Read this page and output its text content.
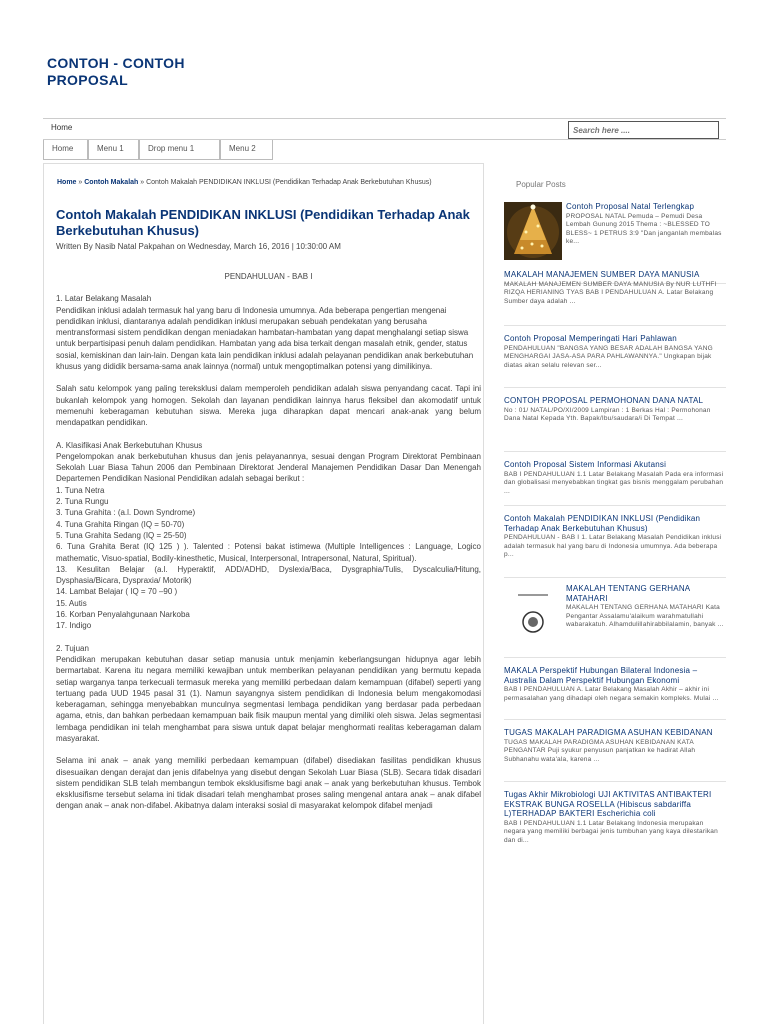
CONTOH - CONTOH PROPOSAL
Home
Search here ....
Home	Menu 1	Drop menu 1	Menu 2
Home » Contoh Makalah » Contoh Makalah PENDIDIKAN INKLUSI (Pendidikan Terhadap Anak Berkebutuhan Khusus)
Contoh Makalah PENDIDIKAN INKLUSI (Pendidikan Terhadap Anak Berkebutuhan Khusus)
Written By Nasib Natal Pakpahan on Wednesday, March 16, 2016 | 10:30:00 AM

PENDAHULUAN - BAB I

1. Latar Belakang Masalah

Pendidikan inklusi adalah termasuk hal yang baru di Indonesia umumnya. Ada beberapa pengertian mengenai pendidikan inklusi, diantaranya adalah pendidikan inklusi merupakan sebuah pendekatan yang berusaha mentransformasi sistem pendidikan dengan meniadakan hambatan-hambatan yang dapat menghalangi setiap siswa untuk berpartisipasi penuh dalam pendidikan. Hambatan yang ada bisa terkait dengan masalah etnik, gender, status sosial, kemiskinan dan lain-lain. Dengan kata lain pendidikan inklusi adalah pelayanan pendidikan anak berkebutuhan khusus yang dididik bersama-sama anak lainnya (normal) untuk mengoptimalkan potensi yang dimilikinya.

Salah satu kelompok yang paling tereksklusi dalam memperoleh pendidikan adalah siswa penyandang cacat. Tapi ini bukanlah kelompok yang homogen. Sekolah dan layanan pendidikan lainnya harus fleksibel dan akomodatif untuk memenuhi keberagaman kebutuhan siswa. Mereka juga diharapkan dapat mencari anak-anak yang belum mendapatkan pendidikan.

A. Klasifikasi Anak Berkebutuhan Khusus

Pengelompokan anak berkebutuhan khusus dan jenis pelayanannya, sesuai dengan Program Direktorat Pembinaan Sekolah Luar Biasa Tahun 2006 dan Pembinaan Direktorat Jenderal Manajemen Pendidikan Dasar Dan Menengah Departemen Pendidikan Nasional Pendidikan adalah sebagai berikut :

1. Tuna Netra

2. Tuna Rungu

3. Tuna Grahita : (a.l. Down Syndrome)

4. Tuna Grahita Ringan (IQ = 50-70)

5. Tuna Grahita Sedang (IQ = 25-50)

6. Tuna Grahita Berat (IQ 125 ) ). Talented : Potensi bakat istimewa (Multiple Intelligences : Language, Logico mathematic, Visuo-spatial, Bodily-kinesthetic, Musical, Interpersonal, Intrapersonal, Natural, Spiritual).

13. Kesulitan Belajar (a.l. Hyperaktif, ADD/ADHD, Dyslexia/Baca, Dysgraphia/Tulis, Dyscalculia/Hitung, Dysphasia/Bicara, Dyspraxia/ Motorik)

14. Lambat Belajar ( IQ = 70 –90 )

15. Autis

16. Korban Penyalahgunaan Narkoba

17. Indigo

2. Tujuan

Pendidikan merupakan kebutuhan dasar setiap manusia untuk menjamin keberlangsungan hidupnya agar lebih bermartabat. Karena itu negara memiliki kewajiban untuk memberikan pelayanan pendidikan yang bermutu kepada setiap warganya tanpa terkecuali termasuk mereka yang memiliki perbedaan dalam kemampuan (difabel) seperti yang tertuang pada UUD 1945 pasal 31 (1). Namun sayangnya sistem pendidikan di Indonesia belum mengakomodasi keberagaman, sehingga menyebabkan munculnya segmentasi lembaga pendidikan yang berdasar pada perbedaan agama, etnis, dan bahkan perbedaan kemampuan baik fisik maupun mental yang dimiliki oleh siswa. Jelas segmentasi lembaga pendidikan ini telah menghambat para siswa untuk dapat belajar menghormati realitas keberagaman dalam masyarakat.

Selama ini anak – anak yang memiliki perbedaan kemampuan (difabel) disediakan fasilitas pendidikan khusus disesuaikan dengan derajat dan jenis difabelnya yang disebut dengan Sekolah Luar Biasa (SLB). Secara tidak disadari sistem pendidikan SLB telah membangun tembok eksklusifisme bagi anak – anak yang berkebutuhan khusus. Tembok eksklusifisme tersebut selama ini tidak disadari telah menghambat proses saling mengenal antara anak – anak difabel dengan anak – anak non-difabel. Akibatnya dalam interaksi sosial di masyarakat kelompok difabel menjadi

Popular Posts
Contoh Proposal Natal Terlengkap
PROPOSAL NATAL Pemuda – Pemudi Desa Lembah Gunung 2015 Thema : ~BLESSED TO BLESS~ 1 PETRUS 3:9 "Dan janganlah membalas ke...
MAKALAH MANAJEMEN SUMBER DAYA MANUSIA
MAKALAH MANAJEMEN SUMBER DAYA MANUSIA By NUR LUTHFI RIZQA HERIANING TYAS BAB I PENDAHULUAN A. Latar Belakang Sumber daya adalah ...
Contoh Proposal Memperingati Hari Pahlawan
PENDAHULUAN "BANGSA YANG BESAR ADALAH BANGSA YANG MENGHARGAI JASA-ASA PARA PAHLAWANNYA." Ungkapan bijak diatas akan selalu relevan ser...
CONTOH PROPOSAL PERMOHONAN DANA NATAL
No : 01/ NATAL/PO/XI/2009 Lampiran : 1 Berkas Hal : Permohonan Dana Natal Kepada Yth. Bapak/Ibu/saudara/i Di Tempat ...
Contoh Proposal Sistem Informasi Akutansi
BAB I PENDAHULUAN 1.1 Latar Belakang Masalah Pada era informasi dan globalisasi menyebabkan tingkat gas bisnis menggalam perubahan ...
Contoh Makalah PENDIDIKAN INKLUSI (Pendidikan Terhadap Anak Berkebutuhan Khusus)
PENDAHULUAN - BAB I 1. Latar Belakang Masalah Pendidikan inklusi adalah termasuk hal yang baru di Indonesia umumnya. Ada beberapa p...
MAKALAH TENTANG GERHANA MATAHARI
MAKALAH TENTANG GERHANA MATAHARI Kata Pengantar Assalamu'alaikum warahmatullahi wabarakatuh. Alhamdulillahirabbilalamin, banyak ...
MAKALA Perspektif Hubungan Bilateral Indonesia – Australia Dalam Perspektif Hubungan Ekonomi
BAB I PENDAHULUAN A. Latar Belakang Masalah Akhir – akhir ini permasalahan yang dihadapi oleh negara semakin kompleks. Mulai ...
TUGAS MAKALAH PARADIGMA ASUHAN KEBIDANAN
TUGAS MAKALAH PARADIGMA ASUHAN KEBIDANAN KATA PENGANTAR Puji syukur penyusun panjatkan ke hadirat Allah Subhanahu wata'ala, karena ...
Tugas Akhir Mikrobiologi UJI AKTIVITAS ANTIBAKTERI EKSTRAK BUNGA ROSELLA (Hibiscus sabdariffa L)TERHADAP BAKTERI Escherichia coli
BAB I PENDAHULUAN 1.1 Latar Belakang Indonesia merupakan negara yang memiliki berbagai jenis tumbuhan yang kaya dilestarikan dan di...
